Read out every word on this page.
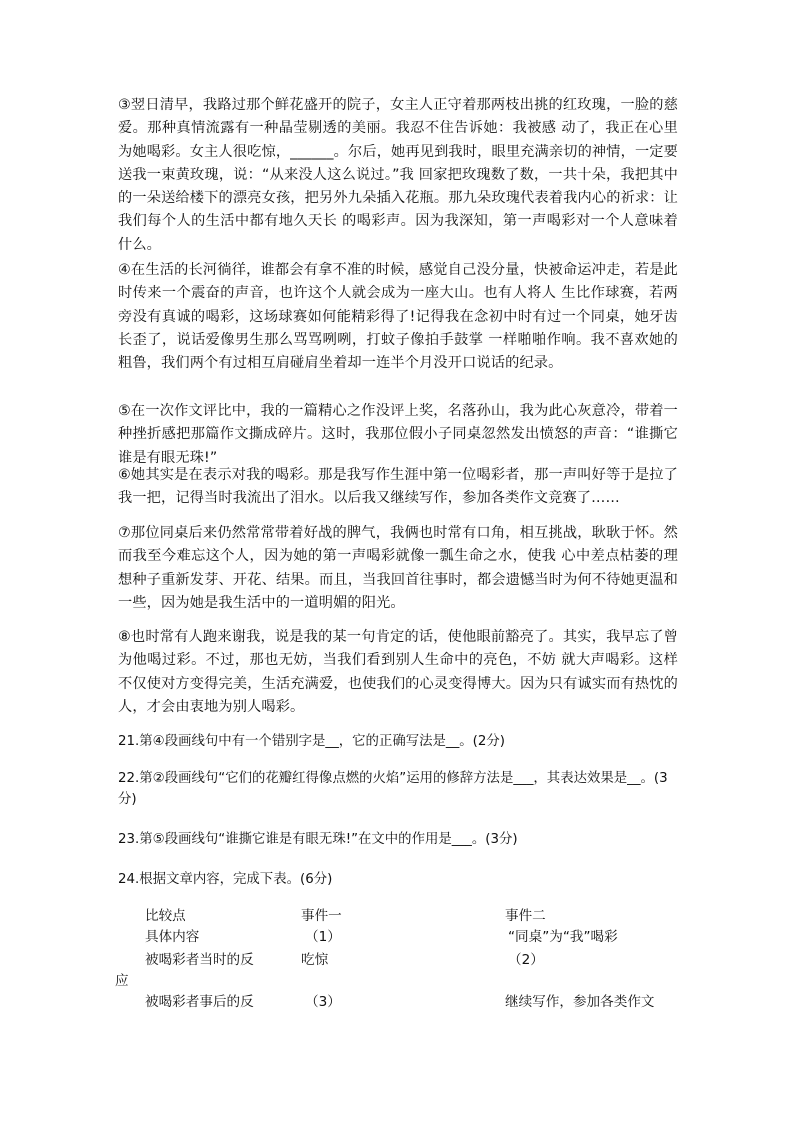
③翌日清早，我路过那个鲜花盛开的院子，女主人正守着那两枝出挑的红玫瑰，一脸的慈爱。那种真情流露有一种晶莹剔透的美丽。我忍不住告诉她：我被感 动了，我正在心里为她喝彩。女主人很吃惊，______。尔后，她再见到我时，眼里充满亲切的神情，一定要送我一束黄玫瑰，说：“从来没人这么说过。”我 回家把玫瑰数了数，一共十朵，我把其中的一朵送给楼下的漂亮女孩，把另外九朵插入花瓶。那九朵玫瑰代表着我内心的祈求：让我们每个人的生活中都有地久天长 的喝彩声。因为我深知，第一声喝彩对一个人意味着什么。

④在生活的长河徜徉，谁都会有拿不准的时候，感觉自己没分量，快被命运冲走，若是此时传来一个震奋的声音，也许这个人就会成为一座大山。也有人将人 生比作球赛，若两旁没有真诚的喝彩，这场球赛如何能精彩得了!记得我在念初中时有过一个同桌，她牙齿长歪了，说话爱像男生那么骂骂咧咧，打蚊子像拍手鼓掌 一样啪啪作响。我不喜欢她的粗鲁，我们两个有过相互肩碰肩坐着却一连半个月没开口说话的纪录。

⑤在一次作文评比中，我的一篇精心之作没评上奖，名落孙山，我为此心灰意冷，带着一种挫折感把那篇作文撕成碎片。这时，我那位假小子同桌忽然发出愤怒的声音：“谁撕它谁是有眼无珠!”

⑥她其实是在表示对我的喝彩。那是我写作生涯中第一位喝彩者，那一声叫好等于是拉了我一把，记得当时我流出了泪水。以后我又继续写作，参加各类作文竞赛了……

⑦那位同桌后来仍然常常带着好战的脾气，我俩也时常有口角，相互挑战，耿耿于怀。然而我至今难忘这个人，因为她的第一声喝彩就像一瓢生命之水，使我 心中差点枯萎的理想种子重新发芽、开花、结果。而且，当我回首往事时，都会遗憾当时为何不待她更温和一些，因为她是我生活中的一道明媚的阳光。

⑧也时常有人跑来谢我，说是我的某一句肯定的话，使他眼前豁亮了。其实，我早忘了曾为他喝过彩。不过，那也无妨，当我们看到别人生命中的亮色，不妨 就大声喝彩。这样不仅使对方变得完美，生活充满爱，也使我们的心灵变得博大。因为只有诚实而有热忱的人，才会由衷地为别人喝彩。

21.第④段画线句中有一个错别字是__，它的正确写法是__。(2分)

22.第②段画线句“它们的花瓣红得像点燃的火焰”运用的修辞方法是___，其表达效果是__。(3分)

23.第⑤段画线句“谁撕它谁是有眼无珠!”在文中的作用是___。(3分)

24.根据文章内容，完成下表。(6分)

比较点	事件一	事件二
具体内容	（1）	“同桌”为“我”喝彩
被喝彩者当时的反	吃惊	（2）
应
被喝彩者事后的反	（3）	继续写作，参加各类作文
